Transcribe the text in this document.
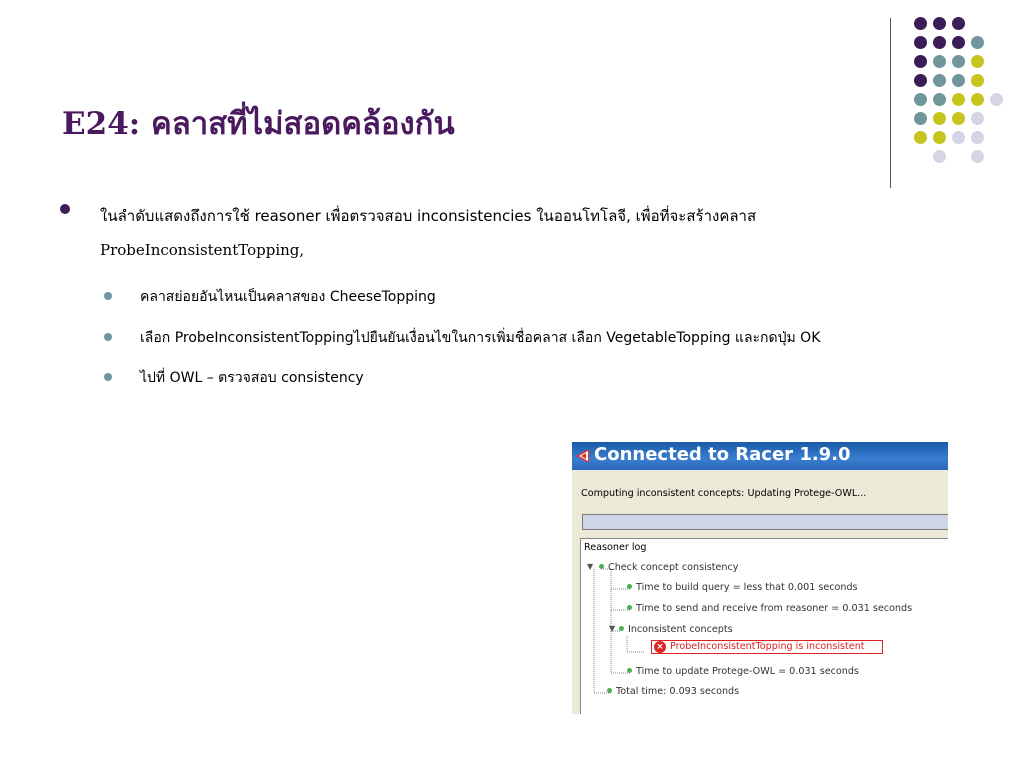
E24: คลาสที่ไม่สอดคล้องกัน
ในลำดับแสดงถึงการใช้ reasoner เพื่อตรวจสอบ inconsistencies ในออนโทโลจี, เพื่อที่จะสร้างคลาส
ProbeInconsistentTopping,
คลาสย่อยอันไหนเป็นคลาสของ CheeseTopping
เลือก ProbeInconsistentToppingไปยืนยันเงื่อนไขในการเพิ่มชื่อคลาส เลือก VegetableTopping และกดปุ่ม OK
ไปที่ OWL – ตรวจสอบ consistency
Connected to Racer 1.9.0
Computing inconsistent concepts: Updating Protege-OWL...
Reasoner log
▼	Check concept consistency
Time to build query = less that 0.001 seconds
Time to send and receive from reasoner = 0.031 seconds
▼	Inconsistent concepts
× ProbeInconsistentTopping is inconsistent
Time to update Protege-OWL = 0.031 seconds
Total time: 0.093 seconds
